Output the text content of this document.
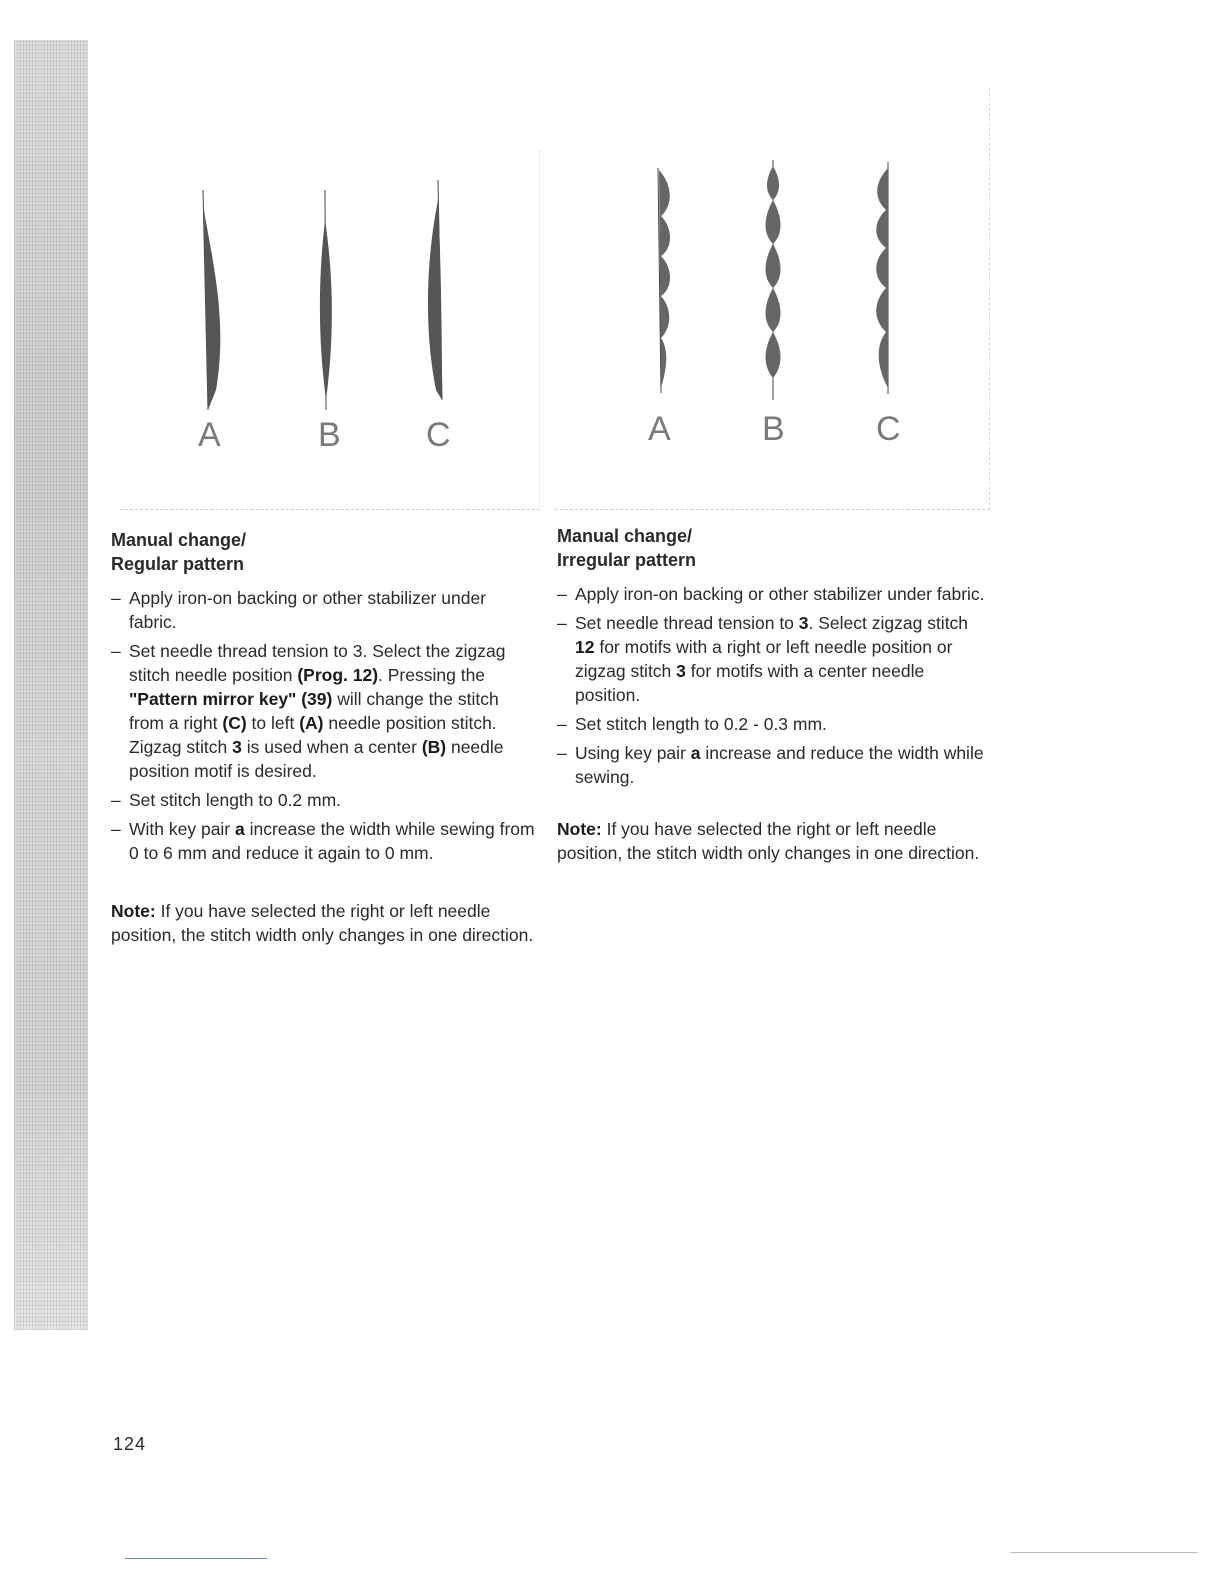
A	B	C	A	B	C
Manual change/
Regular pattern
– Apply iron-on backing or other stabilizer under fabric.
– Set needle thread tension to 3. Select the zigzag stitch needle position (Prog. 12). Pressing the "Pattern mirror key" (39) will change the stitch from a right (C) to left (A) needle position stitch. Zigzag stitch 3 is used when a center (B) needle position motif is desired.
– Set stitch length to 0.2 mm.
– With key pair a increase the width while sewing from 0 to 6 mm and reduce it again to 0 mm.

Note: If you have selected the right or left needle position, the stitch width only changes in one direction.

Manual change/
Irregular pattern
– Apply iron-on backing or other stabilizer under fabric.
– Set needle thread tension to 3. Select zigzag stitch 12 for motifs with a right or left needle position or zigzag stitch 3 for motifs with a center needle position.
– Set stitch length to 0.2 - 0.3 mm.
– Using key pair a increase and reduce the width while sewing.

Note: If you have selected the right or left needle position, the stitch width only changes in one direction.

124
